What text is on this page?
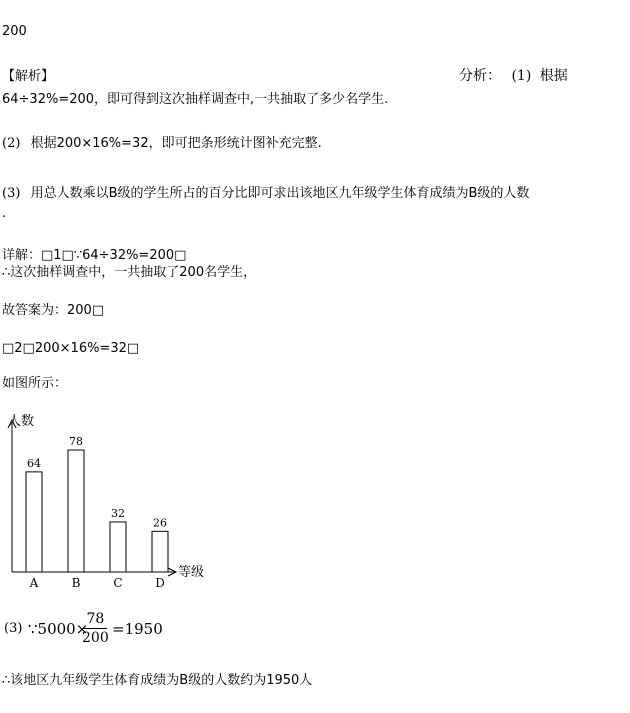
200
【解析】	分析： (1) 根据
64÷32%=200，即可得到这次抽样调查中,一共抽取了多少名学生.
(2) 根据200×16%=32，即可把条形统计图补充完整.
(3) 用总人数乘以B级的学生所占的百分比即可求出该地区九年级学生体育成绩为B级的人数
.
详解：□1□∵64÷32%=200□
∴这次抽样调查中，一共抽取了200名学生，
故答案为：200□
□2□200×16%=32□
如图所示：
人数
等级
64
A
78
B
32
C
26
D
(3) ∵5000×
$\frac{78}{200} =1950$
∴该地区九年级学生体育成绩为B级的人数约为1950人
